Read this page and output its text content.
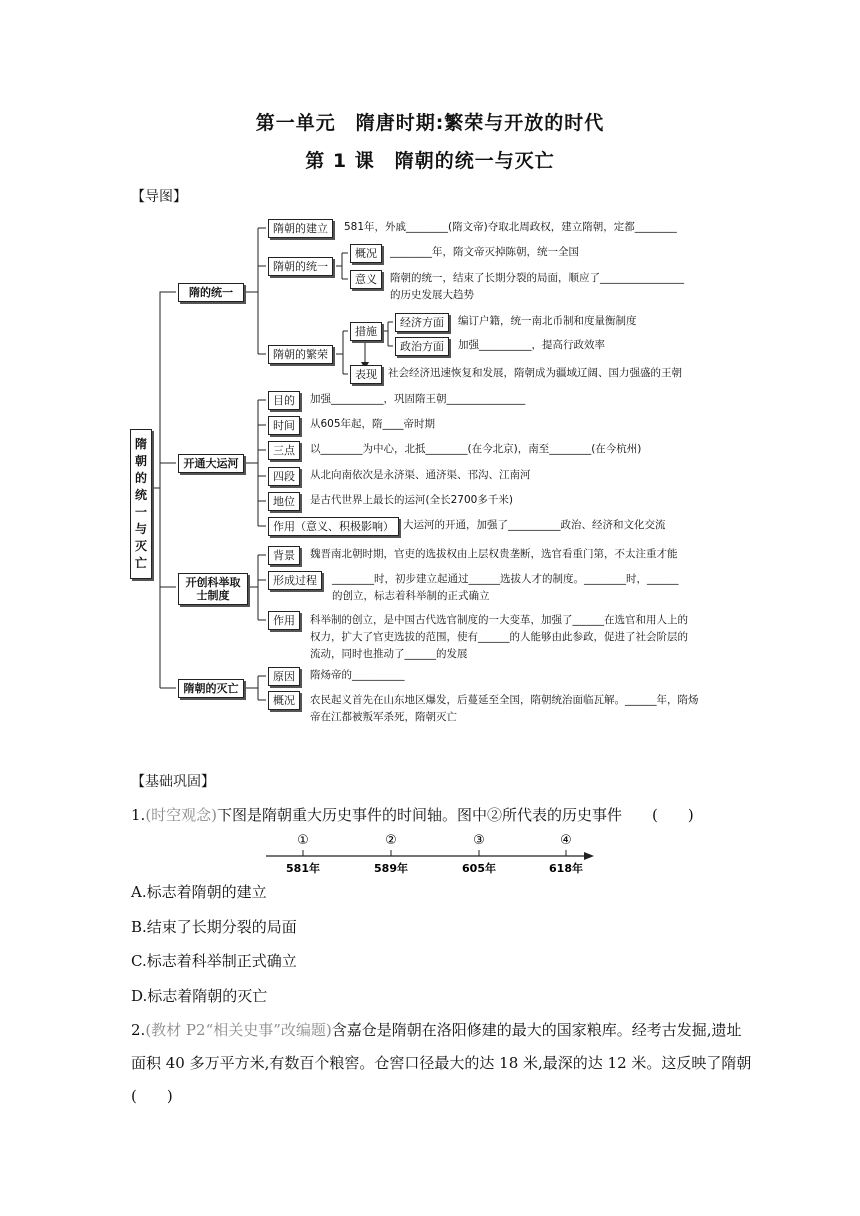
第一单元　隋唐时期:繁荣与开放的时代
第 1 课　隋朝的统一与灭亡
【导图】
隋朝的统一与灭亡
隋的统一
隋朝的建立	581年，外戚________(隋文帝)夺取北周政权，建立隋朝，定都________
隋朝的统一
概况	________年，隋文帝灭掉陈朝，统一全国
意义	隋朝的统一，结束了长期分裂的局面，顺应了________________
的历史发展大趋势
隋朝的繁荣
措施
经济方面	编订户籍，统一南北币制和度量衡制度
政治方面	加强__________，提高行政效率
表现	社会经济迅速恢复和发展，隋朝成为疆域辽阔、国力强盛的王朝
开通大运河
目的	加强__________，巩固隋王朝_______________
时间	从605年起，隋____帝时期
三点	以________为中心，北抵________(在今北京)，南至________(在今杭州)
四段	从北向南依次是永济渠、通济渠、邗沟、江南河
地位	是古代世界上最长的运河(全长2700多千米)
作用（意义、积极影响） 大运河的开通，加强了__________政治、经济和文化交流
开创科举取士制度
背景	魏晋南北朝时期，官吏的选拔权由上层权贵垄断，选官看重门第，不太注重才能
形成过程	________时，初步建立起通过______选拔人才的制度。________时，______
的创立，标志着科举制的正式确立
作用	科举制的创立，是中国古代选官制度的一大变革，加强了______在选官和用人上的
权力，扩大了官吏选拔的范围，使有______的人能够由此参政，促进了社会阶层的
流动，同时也推动了______的发展
隋朝的灭亡
原因	隋炀帝的__________
概况	农民起义首先在山东地区爆发，后蔓延至全国，隋朝统治面临瓦解。______年，隋炀
帝在江都被叛军杀死，隋朝灭亡
【基础巩固】
1.(时空观念)下图是隋朝重大历史事件的时间轴。图中②所代表的历史事件　　(　　)
①
581年
②
589年
③
605年
④
618年
A.标志着隋朝的建立
B.结束了长期分裂的局面
C.标志着科举制正式确立
D.标志着隋朝的灭亡
2.(教材 P2“相关史事”改编题)含嘉仓是隋朝在洛阳修建的最大的国家粮库。经考古发掘,遗址
面积 40 多万平方米,有数百个粮窖。仓窖口径最大的达 18 米,最深的达 12 米。这反映了隋朝
(　　)
